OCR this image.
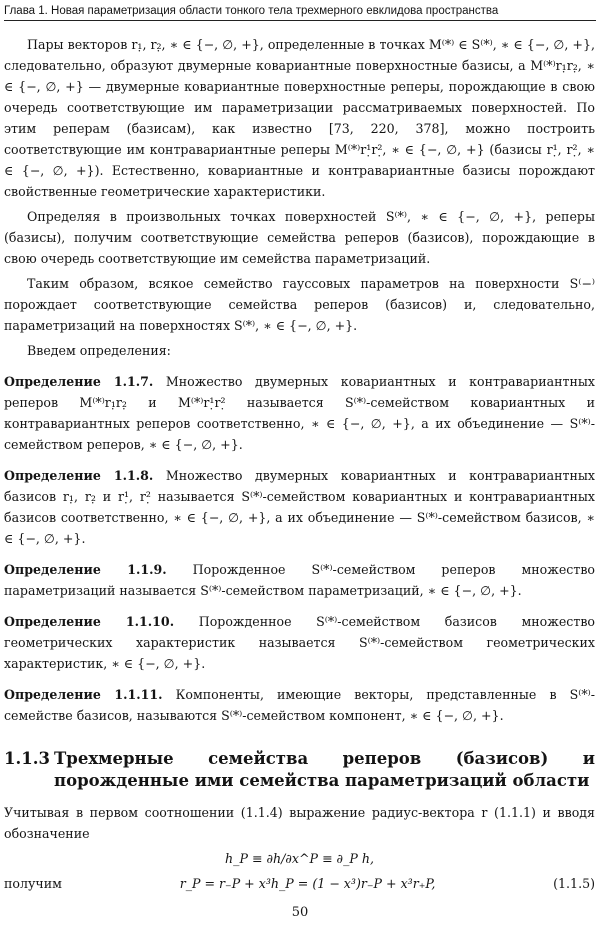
Глава 1. Новая параметризация области тонкого тела трехмерного евклидова пространства

Пары векторов r₁̣, r₂̣, ∗ ∈ {−, ∅, +}, определенные в точках M⁽*⁾ ∈ S⁽*⁾, ∗ ∈ {−, ∅, +}, следовательно, образуют двумерные ковариантные поверхностные базисы, а M⁽*⁾r₁̣r₂̣, ∗ ∈ {−, ∅, +} — двумерные ковариантные поверхностные реперы, порождающие в свою очередь соответствующие им параметризации рассматриваемых поверхностей. По этим реперам (базисам), как известно [73, 220, 378], можно построить соответствующие им контравариантные реперы M⁽*⁾r¹̣r²̣, ∗ ∈ {−, ∅, +} (базисы r¹̣, r²̣, ∗ ∈ {−, ∅, +}). Естественно, ковариантные и контравариантные базисы порождают свойственные геометрические характеристики.

Определяя в произвольных точках поверхностей S⁽*⁾, ∗ ∈ {−, ∅, +}, реперы (базисы), получим соответствующие семейства реперов (базисов), порождающие в свою очередь соответствующие им семейства параметризаций.

Таким образом, всякое семейство гауссовых параметров на поверхности S⁽−⁾ порождает соответствующие семейства реперов (базисов) и, следовательно, параметризаций на поверхностях S⁽*⁾, ∗ ∈ {−, ∅, +}.

Введем определения:

Определение 1.1.7. Множество двумерных ковариантных и контравариантных реперов M⁽*⁾r₁̣r₂̣ и M⁽*⁾r¹̣r²̣ называется S⁽*⁾-семейством ковариантных и контравариантных реперов соответственно, ∗ ∈ {−, ∅, +}, а их объединение — S⁽*⁾-семейством реперов, ∗ ∈ {−, ∅, +}.

Определение 1.1.8. Множество двумерных ковариантных и контравариантных базисов r₁̣, r₂̣ и r¹̣, r²̣ называется S⁽*⁾-семейством ковариантных и контравариантных базисов соответственно, ∗ ∈ {−, ∅, +}, а их объединение — S⁽*⁾-семейством базисов, ∗ ∈ {−, ∅, +}.

Определение 1.1.9. Порожденное S⁽*⁾-семейством реперов множество параметризаций называется S⁽*⁾-семейством параметризаций, ∗ ∈ {−, ∅, +}.

Определение 1.1.10. Порожденное S⁽*⁾-семейством базисов множество геометрических характеристик называется S⁽*⁾-семейством геометрических характеристик, ∗ ∈ {−, ∅, +}.

Определение 1.1.11. Компоненты, имеющие векторы, представленные в S⁽*⁾-семействе базисов, называются S⁽*⁾-семейством компонент, ∗ ∈ {−, ∅, +}.

1.1.3 Трехмерные семейства реперов (базисов) и порожденные ими семейства параметризаций области

Учитывая в первом соотношении (1.1.4) выражение радиус-вектора r (1.1.1) и вводя обозначение

h_P ≡ ∂h/∂x^P ≡ ∂_P h,
получим	r_P = r₋P + x³h_P = (1 − x³)r₋P + x³r₊P,	(1.1.5)
50
